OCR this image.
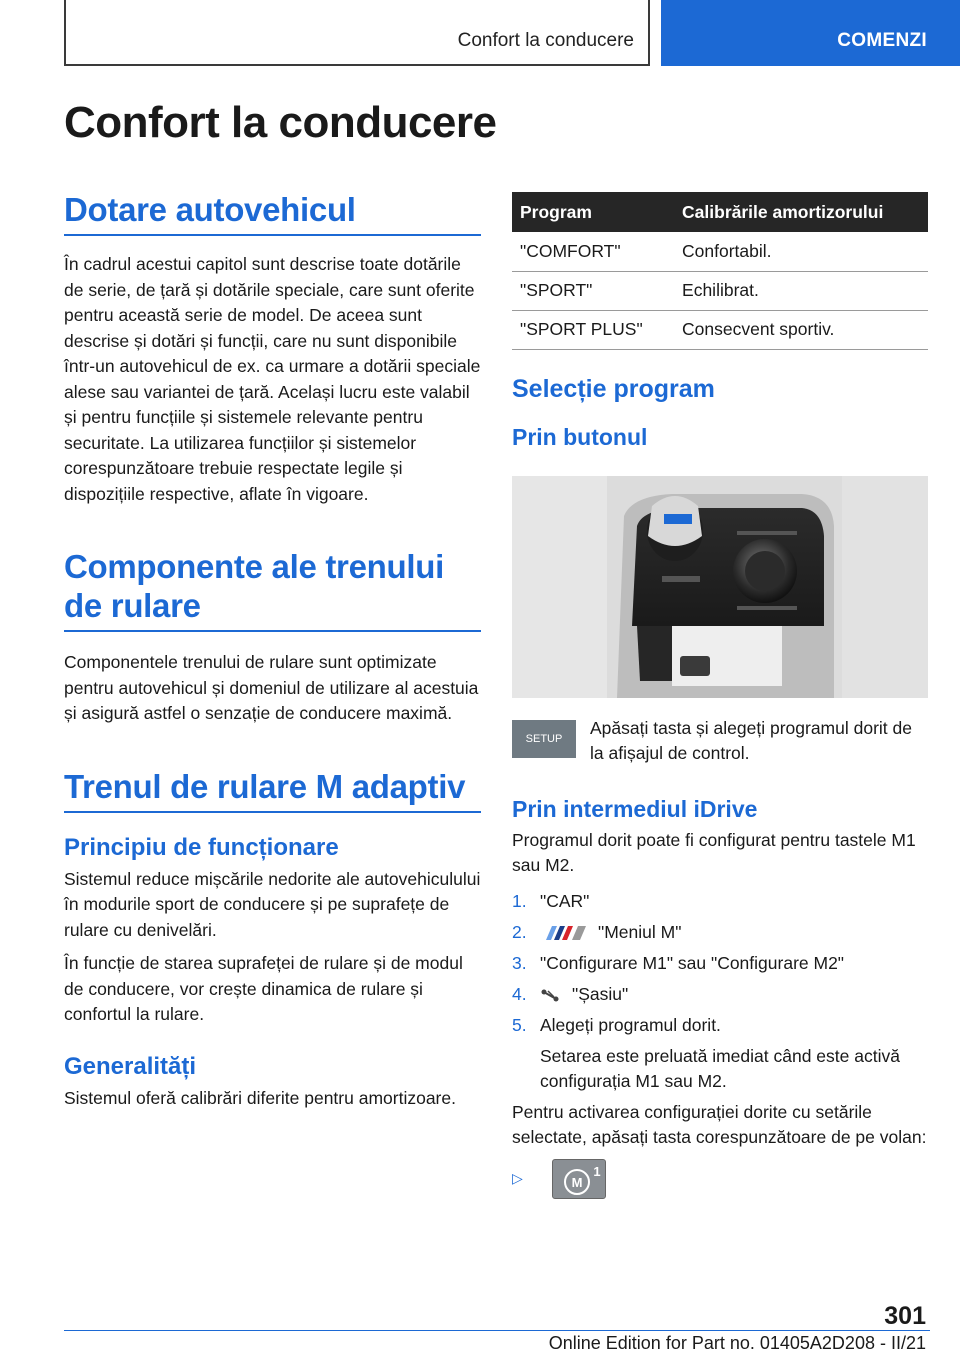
Confort la conducere	COMENZI
Confort la conducere
Dotare autovehicul

În cadrul acestui capitol sunt descrise toate dotările de serie, de țară și dotările speciale, care sunt oferite pentru această serie de model. De aceea sunt descrise și dotări și funcții, care nu sunt disponibile într-un autovehicul de ex. ca urmare a dotării speciale alese sau variantei de țară. Același lucru este valabil și pentru funcțiile și sistemele relevante pentru securitate. La utilizarea funcțiilor și sistemelor corespunzătoare trebuie respectate legile și dispozițiile respective, aflate în vigoare.

Componente ale trenului de rulare

Componentele trenului de rulare sunt optimizate pentru autovehicul și domeniul de utilizare al acestuia și asigură astfel o senzație de conducere maximă.

Trenul de rulare M adaptiv
Principiu de funcționare

Sistemul reduce mișcările nedorite ale autovehiculului în modurile sport de conducere și pe suprafețe de rulare cu denivelări.

În funcție de starea suprafeței de rulare și de modul de conducere, vor crește dinamica de rulare și confortul la rulare.

Generalități

Sistemul oferă calibrări diferite pentru amortizoare.

Program	Calibrările amortizorului
"COMFORT"	Confortabil.
"SPORT"	Echilibrat.
"SPORT PLUS"	Consecvent sportiv.
Selecție program
Prin butonul
SETUP
Apăsați tasta și alegeți programul dorit de la afișajul de control.
Prin intermediul iDrive

Programul dorit poate fi configurat pentru tastele M1 sau M2.

1. "CAR"
2.	"Meniul M"
3. "Configurare M1" sau "Configurare M2"
4.	"Șasiu"
5. Alegeți programul dorit.

Setarea este preluată imediat când este activă configurația M1 sau M2.

Pentru activarea configurației dorite cu setările selectate, apăsați tasta corespunzătoare de pe volan:

▷	M
1
301
Online Edition for Part no. 01405A2D208 - II/21
